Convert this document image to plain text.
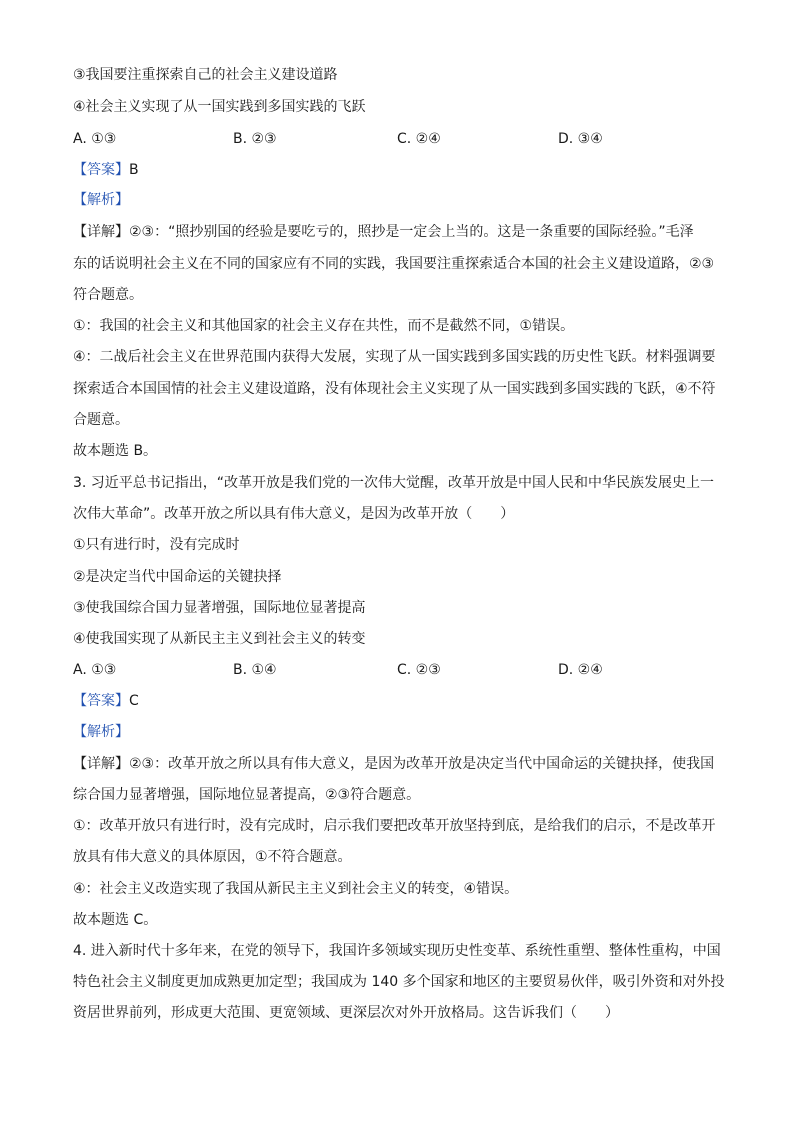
③我国要注重探索自己的社会主义建设道路
④社会主义实现了从一国实践到多国实践的飞跃
A. ①③	B. ②③	C. ②④	D. ③④
【答案】B
【解析】
【详解】②③：“照抄别国的经验是要吃亏的，照抄是一定会上当的。这是一条重要的国际经验。”毛泽
东的话说明社会主义在不同的国家应有不同的实践，我国要注重探索适合本国的社会主义建设道路，②③
符合题意。
①：我国的社会主义和其他国家的社会主义存在共性，而不是截然不同，①错误。
④：二战后社会主义在世界范围内获得大发展，实现了从一国实践到多国实践的历史性飞跃。材料强调要
探索适合本国国情的社会主义建设道路，没有体现社会主义实现了从一国实践到多国实践的飞跃，④不符
合题意。
故本题选 B。
3. 习近平总书记指出，“改革开放是我们党的一次伟大觉醒，改革开放是中国人民和中华民族发展史上一
次伟大革命”。改革开放之所以具有伟大意义，是因为改革开放（　　）
①只有进行时，没有完成时
②是决定当代中国命运的关键抉择
③使我国综合国力显著增强，国际地位显著提高
④使我国实现了从新民主主义到社会主义的转变
A. ①③	B. ①④	C. ②③	D. ②④
【答案】C
【解析】
【详解】②③：改革开放之所以具有伟大意义，是因为改革开放是决定当代中国命运的关键抉择，使我国
综合国力显著增强，国际地位显著提高，②③符合题意。
①：改革开放只有进行时，没有完成时，启示我们要把改革开放坚持到底，是给我们的启示，不是改革开
放具有伟大意义的具体原因，①不符合题意。
④：社会主义改造实现了我国从新民主主义到社会主义的转变，④错误。
故本题选 C。
4. 进入新时代十多年来，在党的领导下，我国许多领域实现历史性变革、系统性重塑、整体性重构，中国
特色社会主义制度更加成熟更加定型；我国成为 140 多个国家和地区的主要贸易伙伴，吸引外资和对外投
资居世界前列，形成更大范围、更宽领域、更深层次对外开放格局。这告诉我们（　　）
